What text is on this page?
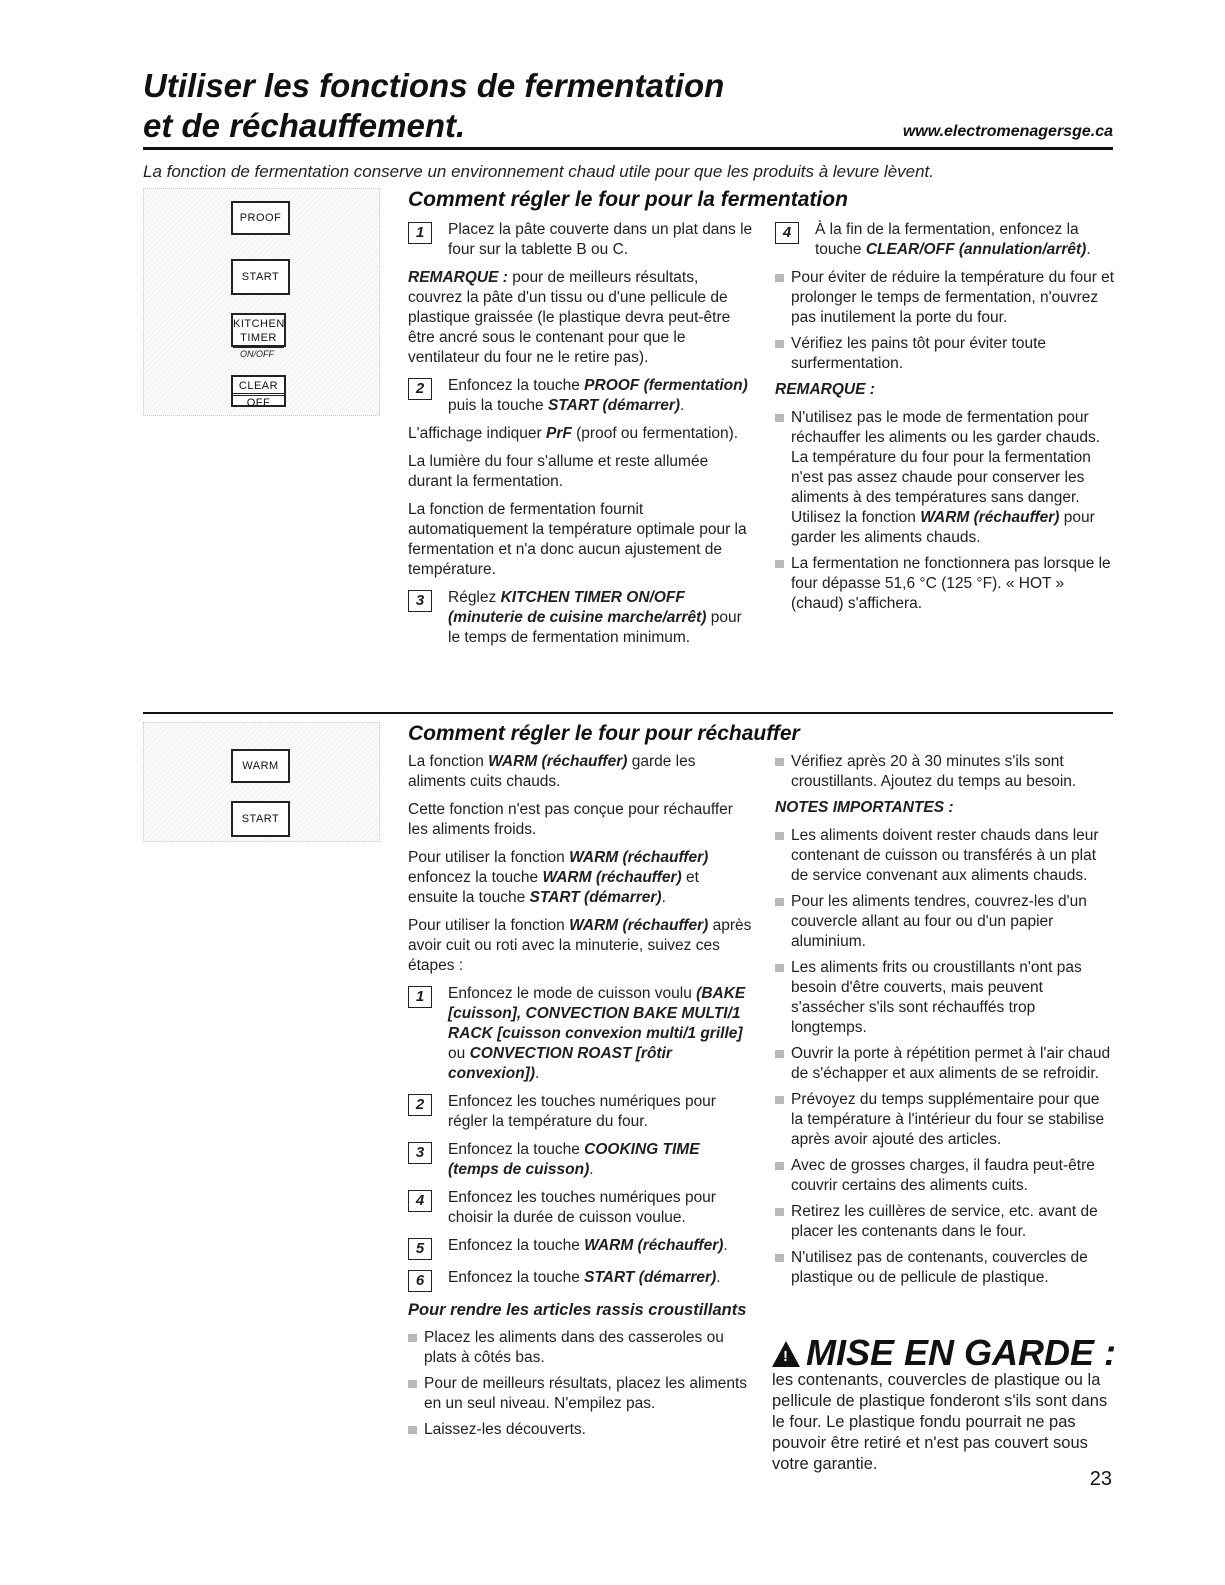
Utiliser les fonctions de fermentation
et de réchauffement.	www.electromenagersge.ca
La fonction de fermentation conserve un environnement chaud utile pour que les produits à levure lèvent.
PROOF
START
KITCHEN
TIMER
ON/OFF
CLEAR
OFF
Comment régler le four pour la fermentation
1	Placez la pâte couverte dans un plat dans le four sur la tablette B ou C.

REMARQUE : pour de meilleurs résultats, couvrez la pâte d'un tissu ou d'une pellicule de plastique graissée (le plastique devra peut-être être ancré sous le contenant pour que le ventilateur du four ne le retire pas).

2	Enfoncez la touche PROOF (fermentation) puis la touche START (démarrer).

L'affichage indiquer PrF (proof ou fermentation).

La lumière du four s'allume et reste allumée durant la fermentation.

La fonction de fermentation fournit automatiquement la température optimale pour la fermentation et n'a donc aucun ajustement de température.

3	Réglez KITCHEN TIMER ON/OFF (minuterie de cuisine marche/arrêt) pour le temps de fermentation minimum.
4	À la fin de la fermentation, enfoncez la touche CLEAR/OFF (annulation/arrêt).
Pour éviter de réduire la température du four et prolonger le temps de fermentation, n'ouvrez pas inutilement la porte du four.
Vérifiez les pains tôt pour éviter toute surfermentation.

REMARQUE :

N'utilisez pas le mode de fermentation pour réchauffer les aliments ou les garder chauds. La température du four pour la fermentation n'est pas assez chaude pour conserver les aliments à des températures sans danger. Utilisez la fonction WARM (réchauffer) pour garder les aliments chauds.
La fermentation ne fonctionnera pas lorsque le four dépasse 51,6 °C (125 °F). « HOT » (chaud) s'affichera.
WARM
START
Comment régler le four pour réchauffer

La fonction WARM (réchauffer) garde les aliments cuits chauds.

Cette fonction n'est pas conçue pour réchauffer les aliments froids.

Pour utiliser la fonction WARM (réchauffer) enfoncez la touche WARM (réchauffer) et ensuite la touche START (démarrer).

Pour utiliser la fonction WARM (réchauffer) après avoir cuit ou roti avec la minuterie, suivez ces étapes :

1	Enfoncez le mode de cuisson voulu (BAKE [cuisson], CONVECTION BAKE MULTI/1 RACK [cuisson convexion multi/1 grille] ou CONVECTION ROAST [rôtir convexion]).
2	Enfoncez les touches numériques pour régler la température du four.
3	Enfoncez la touche COOKING TIME (temps de cuisson).
4	Enfoncez les touches numériques pour choisir la durée de cuisson voulue.
5	Enfoncez la touche WARM (réchauffer).
6	Enfoncez la touche START (démarrer).

Pour rendre les articles rassis croustillants

Placez les aliments dans des casseroles ou plats à côtés bas.
Pour de meilleurs résultats, placez les aliments en un seul niveau. N'empilez pas.
Laissez-les découverts.
Vérifiez après 20 à 30 minutes s'ils sont croustillants. Ajoutez du temps au besoin.

NOTES IMPORTANTES :

Les aliments doivent rester chauds dans leur contenant de cuisson ou transférés à un plat de service convenant aux aliments chauds.
Pour les aliments tendres, couvrez-les d'un couvercle allant au four ou d'un papier aluminium.
Les aliments frits ou croustillants n'ont pas besoin d'être couverts, mais peuvent s'assécher s'ils sont réchauffés trop longtemps.
Ouvrir la porte à répétition permet à l'air chaud de s'échapper et aux aliments de se refroidir.
Prévoyez du temps supplémentaire pour que la température à l'intérieur du four se stabilise après avoir ajouté des articles.
Avec de grosses charges, il faudra peut-être couvrir certains des aliments cuits.
Retirez les cuillères de service, etc. avant de placer les contenants dans le four.
N'utilisez pas de contenants, couvercles de plastique ou de pellicule de plastique.
! MISE EN GARDE :
les contenants, couvercles de plastique ou la pellicule de plastique fonderont s'ils sont dans le four. Le plastique fondu pourrait ne pas pouvoir être retiré et n'est pas couvert sous votre garantie.
23
